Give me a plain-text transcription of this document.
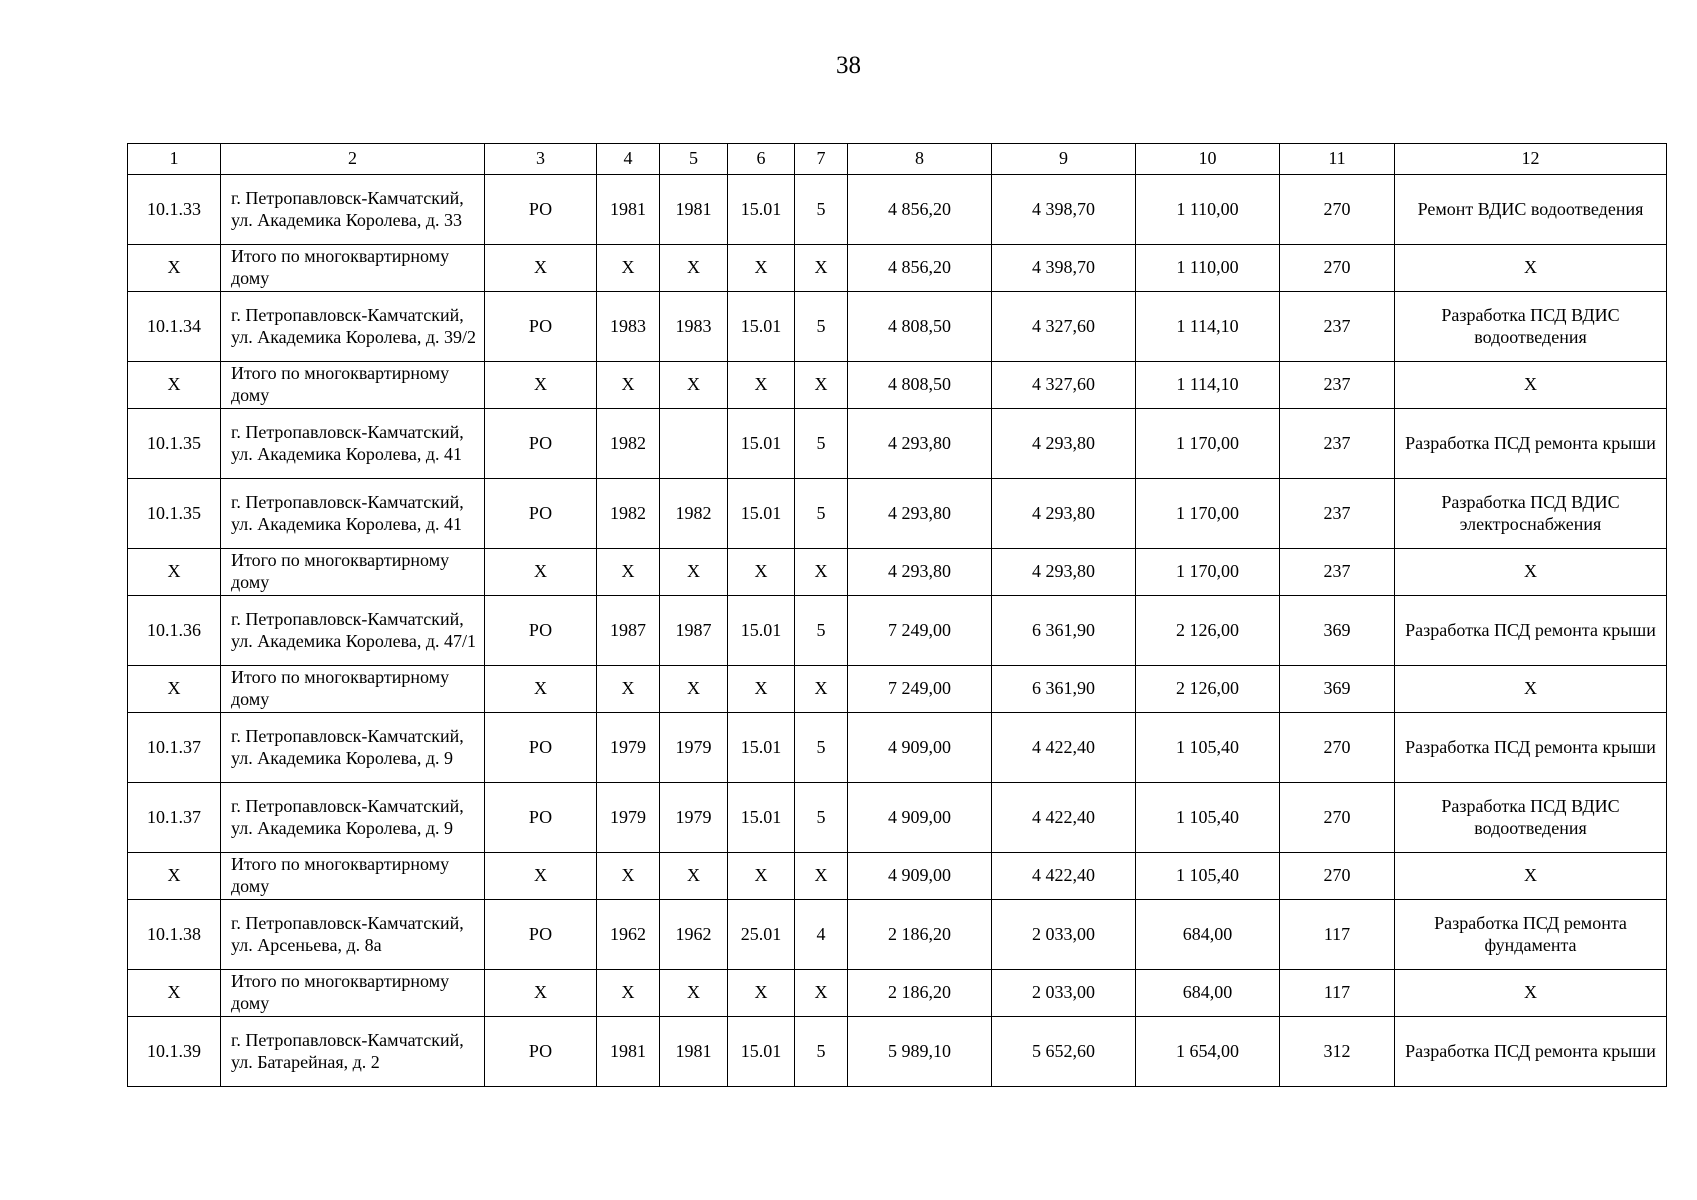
38
1	2	3	4	5	6	7	8	9	10	11	12
10.1.33	г. Петропавловск-Камчатский, ул. Академика Королева, д. 33	РО	1981	1981	15.01	5	4 856,20	4 398,70	1 110,00	270	Ремонт ВДИС водоотведения
X	Итого по многоквартирному дому	X	X	X	X	X	4 856,20	4 398,70	1 110,00	270	X
10.1.34	г. Петропавловск-Камчатский, ул. Академика Королева, д. 39/2	РО	1983	1983	15.01	5	4 808,50	4 327,60	1 114,10	237	Разработка ПСД ВДИС водоотведения
X	Итого по многоквартирному дому	X	X	X	X	X	4 808,50	4 327,60	1 114,10	237	X
10.1.35	г. Петропавловск-Камчатский, ул. Академика Королева, д. 41	РО	1982		15.01	5	4 293,80	4 293,80	1 170,00	237	Разработка ПСД ремонта крыши
10.1.35	г. Петропавловск-Камчатский, ул. Академика Королева, д. 41	РО	1982	1982	15.01	5	4 293,80	4 293,80	1 170,00	237	Разработка ПСД ВДИС электроснабжения
X	Итого по многоквартирному дому	X	X	X	X	X	4 293,80	4 293,80	1 170,00	237	X
10.1.36	г. Петропавловск-Камчатский, ул. Академика Королева, д. 47/1	РО	1987	1987	15.01	5	7 249,00	6 361,90	2 126,00	369	Разработка ПСД ремонта крыши
X	Итого по многоквартирному дому	X	X	X	X	X	7 249,00	6 361,90	2 126,00	369	X
10.1.37	г. Петропавловск-Камчатский, ул. Академика Королева, д. 9	РО	1979	1979	15.01	5	4 909,00	4 422,40	1 105,40	270	Разработка ПСД ремонта крыши
10.1.37	г. Петропавловск-Камчатский, ул. Академика Королева, д. 9	РО	1979	1979	15.01	5	4 909,00	4 422,40	1 105,40	270	Разработка ПСД ВДИС водоотведения
X	Итого по многоквартирному дому	X	X	X	X	X	4 909,00	4 422,40	1 105,40	270	X
10.1.38	г. Петропавловск-Камчатский, ул. Арсеньева, д. 8а	РО	1962	1962	25.01	4	2 186,20	2 033,00	684,00	117	Разработка ПСД ремонта фундамента
X	Итого по многоквартирному дому	X	X	X	X	X	2 186,20	2 033,00	684,00	117	X
10.1.39	г. Петропавловск-Камчатский, ул. Батарейная, д. 2	РО	1981	1981	15.01	5	5 989,10	5 652,60	1 654,00	312	Разработка ПСД ремонта крыши
